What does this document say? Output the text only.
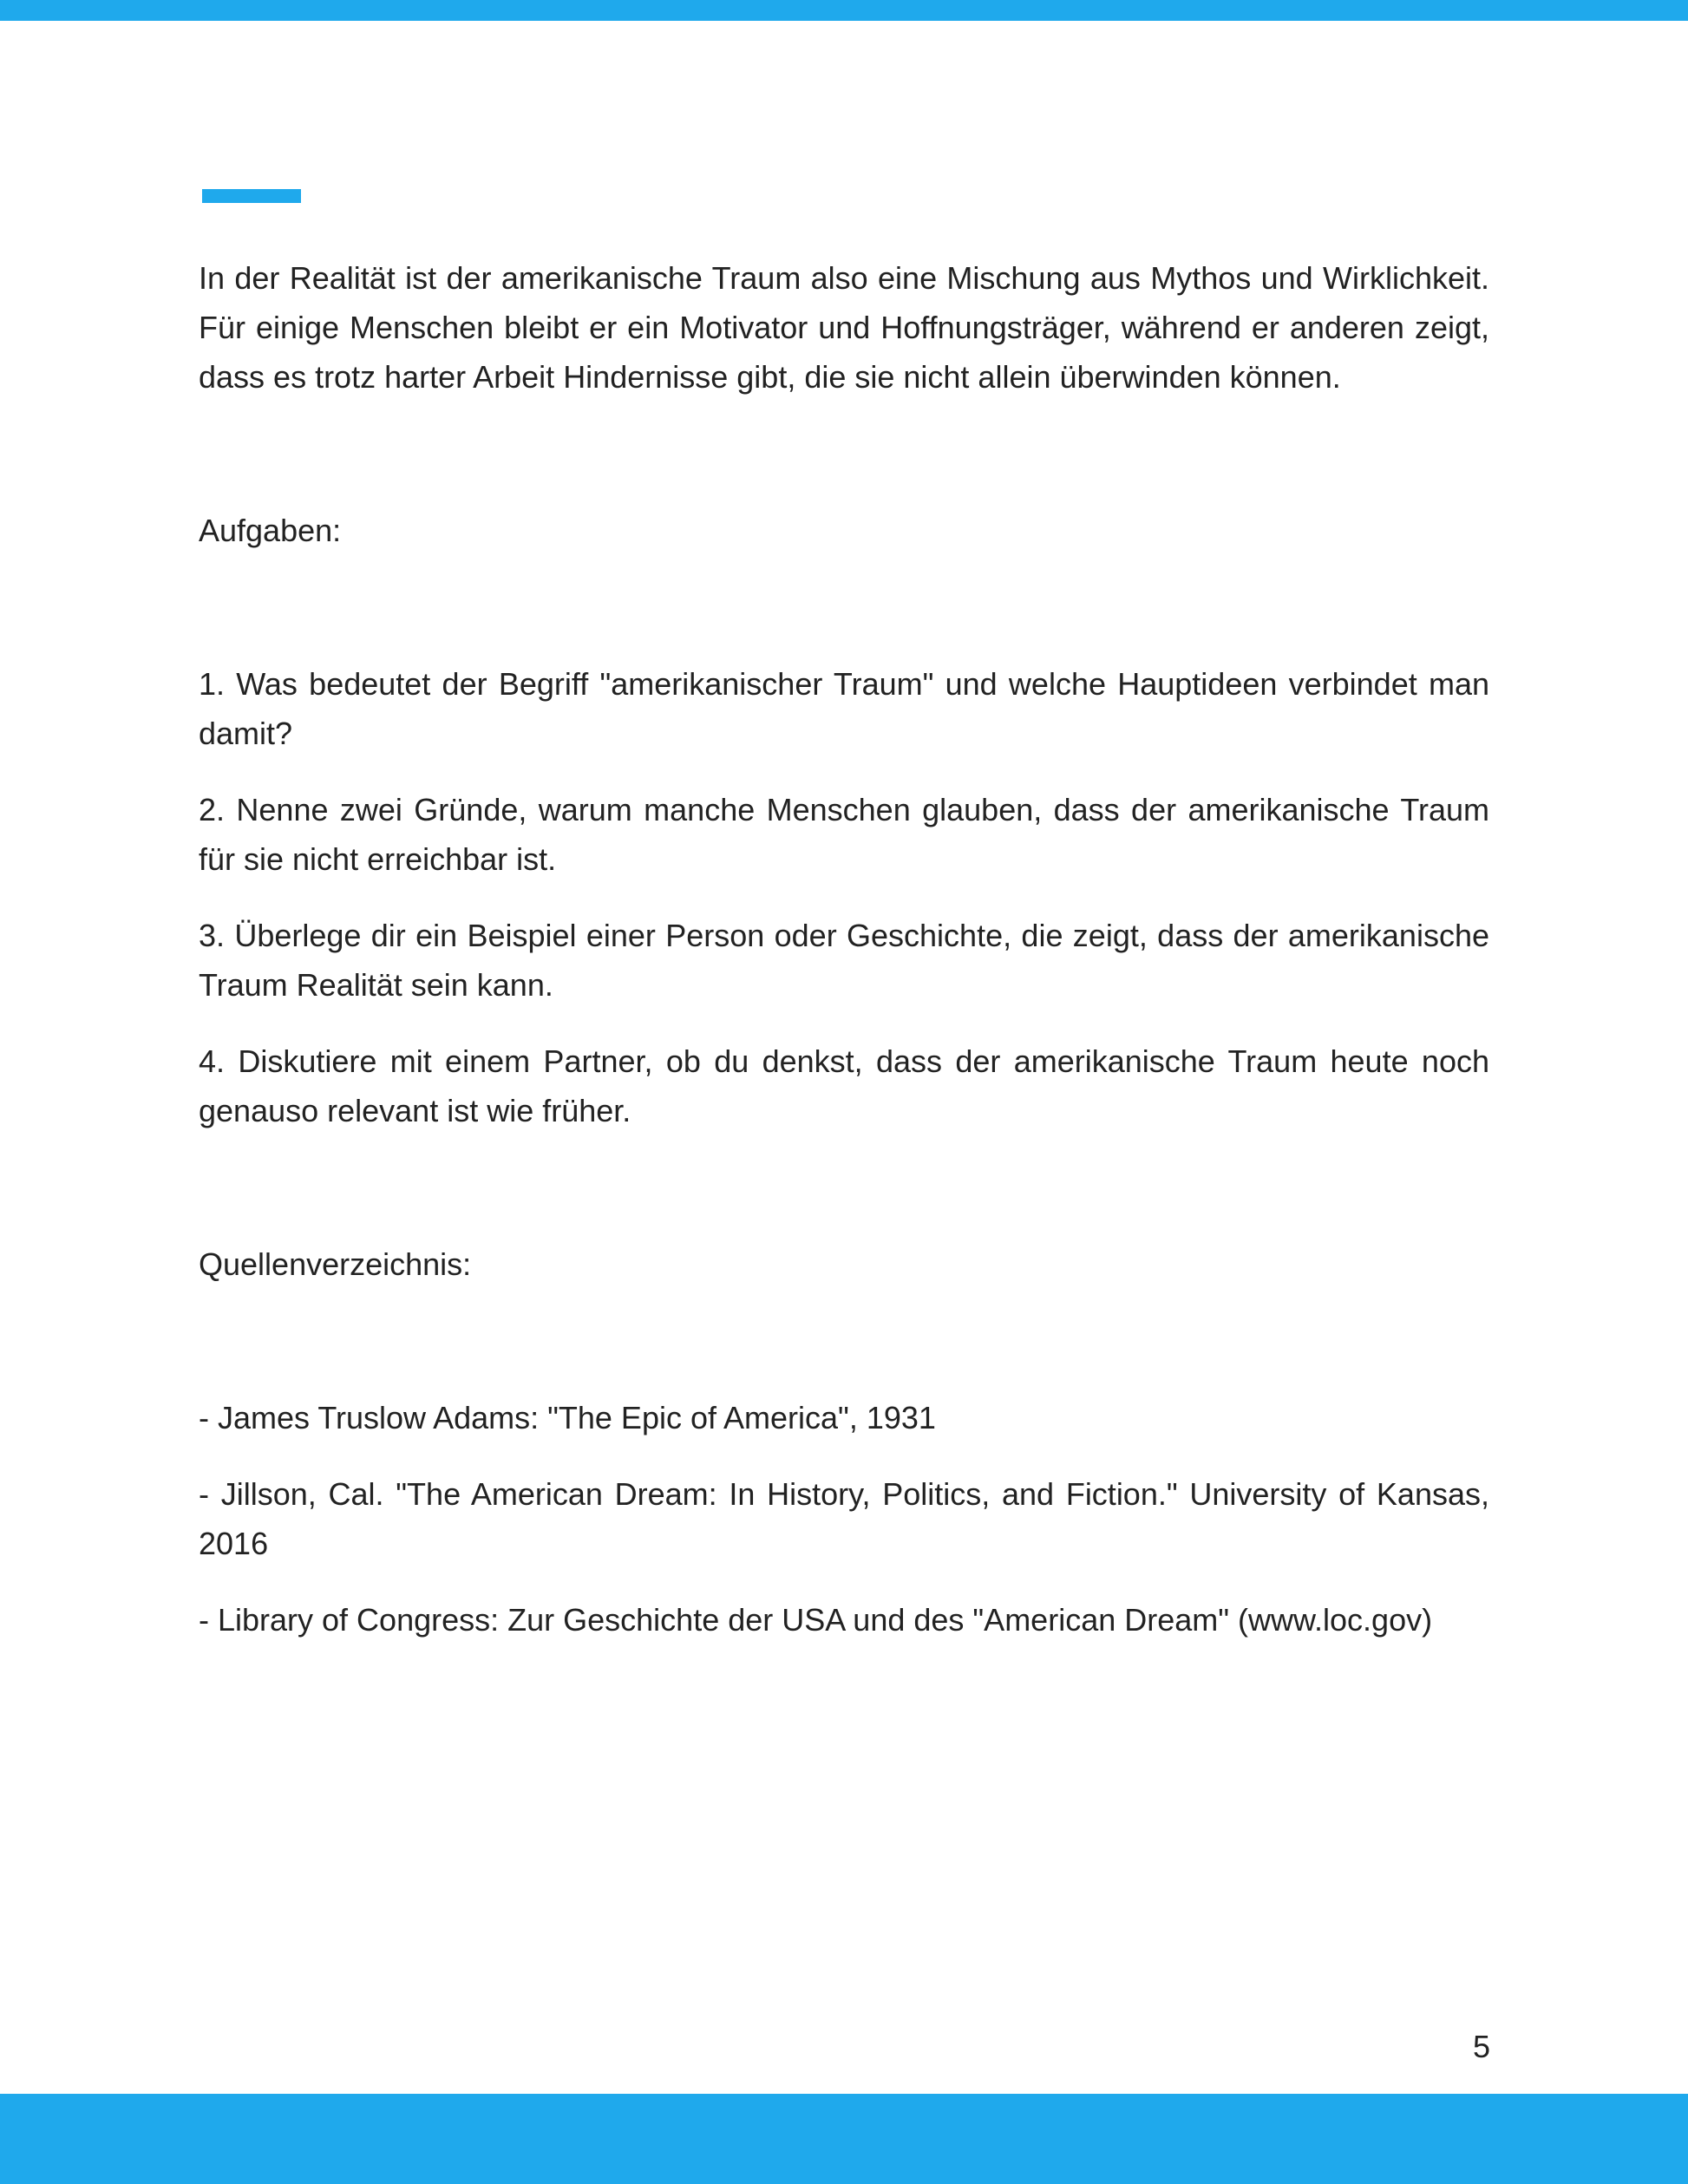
In der Realität ist der amerikanische Traum also eine Mischung aus Mythos und Wirklichkeit. Für einige Menschen bleibt er ein Motivator und Hoffnungsträger, während er anderen zeigt, dass es trotz harter Arbeit Hindernisse gibt, die sie nicht allein überwinden können.

Aufgaben:

1. Was bedeutet der Begriff "amerikanischer Traum" und welche Hauptideen verbindet man damit?

2. Nenne zwei Gründe, warum manche Menschen glauben, dass der amerikanische Traum für sie nicht erreichbar ist.

3. Überlege dir ein Beispiel einer Person oder Geschichte, die zeigt, dass der amerikanische Traum Realität sein kann.

4. Diskutiere mit einem Partner, ob du denkst, dass der amerikanische Traum heute noch genauso relevant ist wie früher.

Quellenverzeichnis:

- James Truslow Adams: "The Epic of America", 1931

- Jillson, Cal. "The American Dream: In History, Politics, and Fiction." University of Kansas, 2016

- Library of Congress: Zur Geschichte der USA und des "American Dream" (www.loc.gov)

5
